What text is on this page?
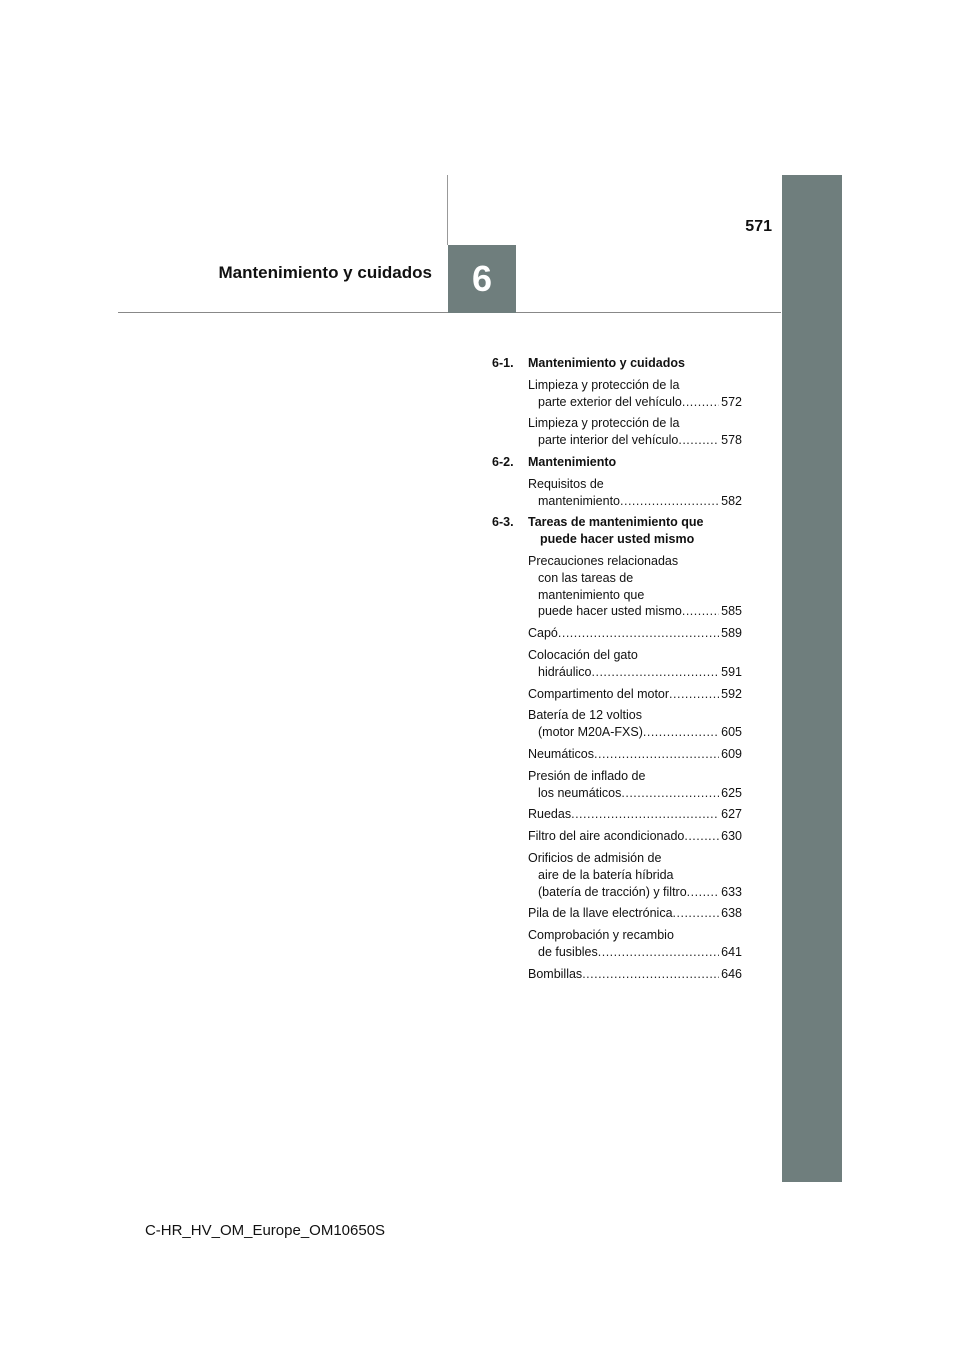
6
571
Mantenimiento y cuidados
6-1.	Mantenimiento y cuidados
Limpieza y protección de la
parte exterior del vehículo .....	572
Limpieza y protección de la
parte interior del vehículo .....	578
6-2.	Mantenimiento
Requisitos de
mantenimiento .....	582
6-3.	Tareas de mantenimiento que
puede hacer usted mismo
Precauciones relacionadas
con las tareas de
mantenimiento que
puede hacer usted mismo .....	585
Capó .....	589
Colocación del gato
hidráulico .....	591
Compartimento del motor .....	592
Batería de 12 voltios
(motor M20A-FXS) .....	605
Neumáticos .....	609
Presión de inflado de
los neumáticos .....	625
Ruedas .....	627
Filtro del aire acondicionado .....	630
Orificios de admisión de
aire de la batería híbrida
(batería de tracción) y filtro .....	633
Pila de la llave electrónica .....	638
Comprobación y recambio
de fusibles .....	641
Bombillas .....	646
C-HR_HV_OM_Europe_OM10650S
